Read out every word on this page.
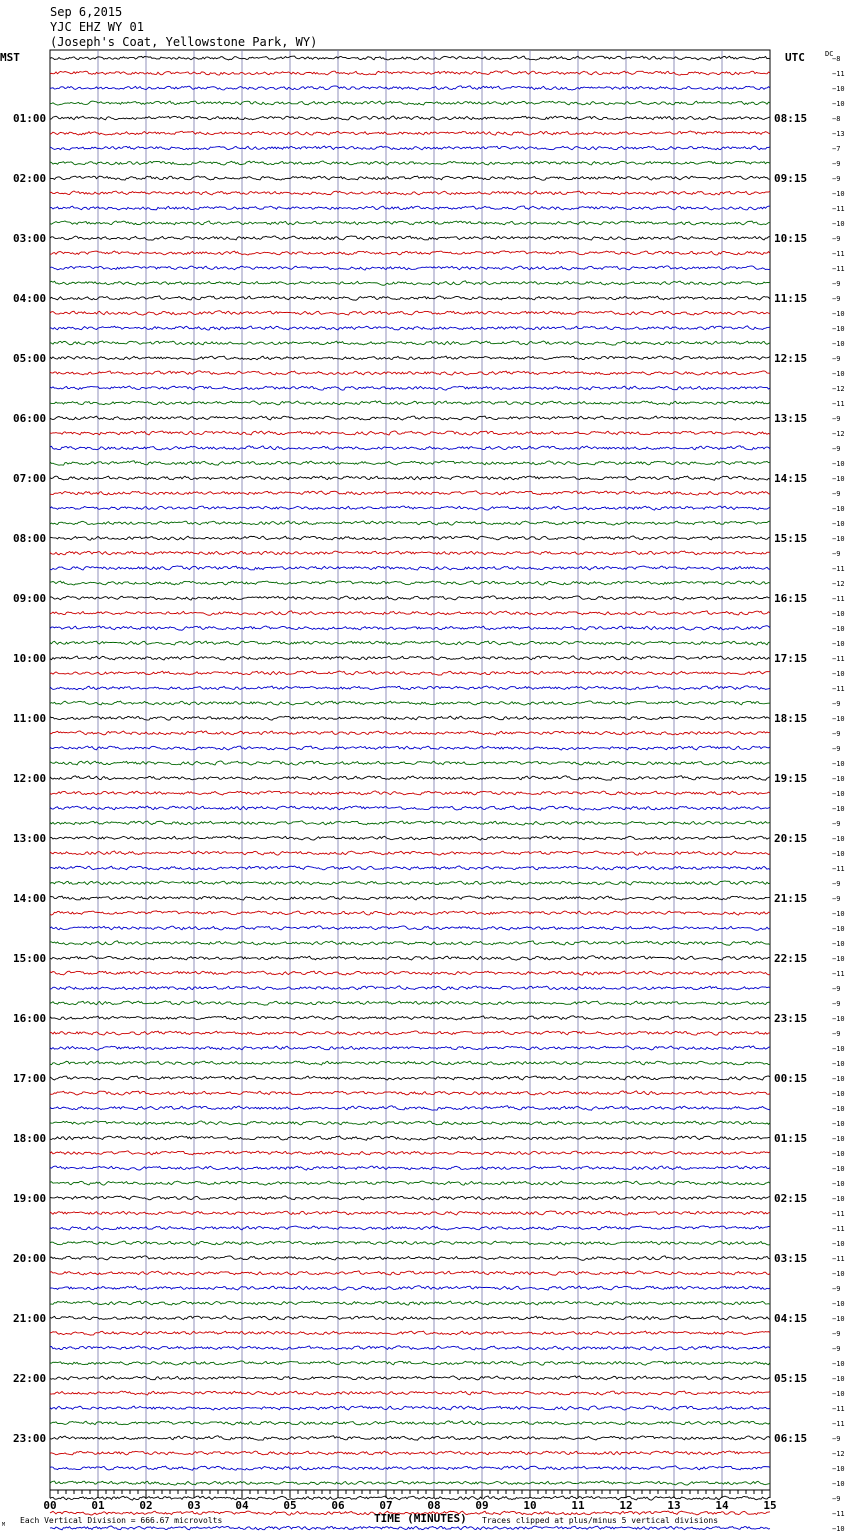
Sep 6,2015
YJC EHZ WY 01
(Joseph's Coat, Yellowstone Park, WY)
−8
−11
−10
−10
−8
−13
−7
−9
−9
−10
−11
−10
−9
−11
−11
−9
−9
−10
−10
−10
−9
−10
−12
−11
−9
−12
−9
−10
−10
−9
−10
−10
−10
−9
−11
−12
−11
−10
−10
−10
−11
−10
−11
−9
−10
−9
−9
−10
−10
−10
−10
−9
−10
−10
−11
−9
−9
−10
−10
−10
−10
−11
−9
−9
−10
−9
−10
−10
−10
−10
−10
−10
−10
−10
−10
−10
−10
−11
−11
−10
−11
−10
−9
−10
−10
−9
−9
−10
−10
−10
−11
−11
−9
−12
−10
−10
−9
−11
−10
01:00	08:15
02:00	09:15
03:00	10:15
04:00	11:15
05:00	12:15
06:00	13:15
07:00	14:15
08:00	15:15
09:00	16:15
10:00	17:15
11:00	18:15
12:00	19:15
13:00	20:15
14:00	21:15
15:00	22:15
16:00	23:15
17:00	00:15
18:00	01:15
19:00	02:15
20:00	03:15
21:00	04:15
22:00	05:15
23:00	06:15
00	01	02	03	04	05	06	07	08	09	10	11	12	13	14	15
MST	UTC	DC
TIME (MINUTES)
Each Vertical Division = 666.67 microvolts	Traces clipped at plus/minus 5 vertical divisions
M
